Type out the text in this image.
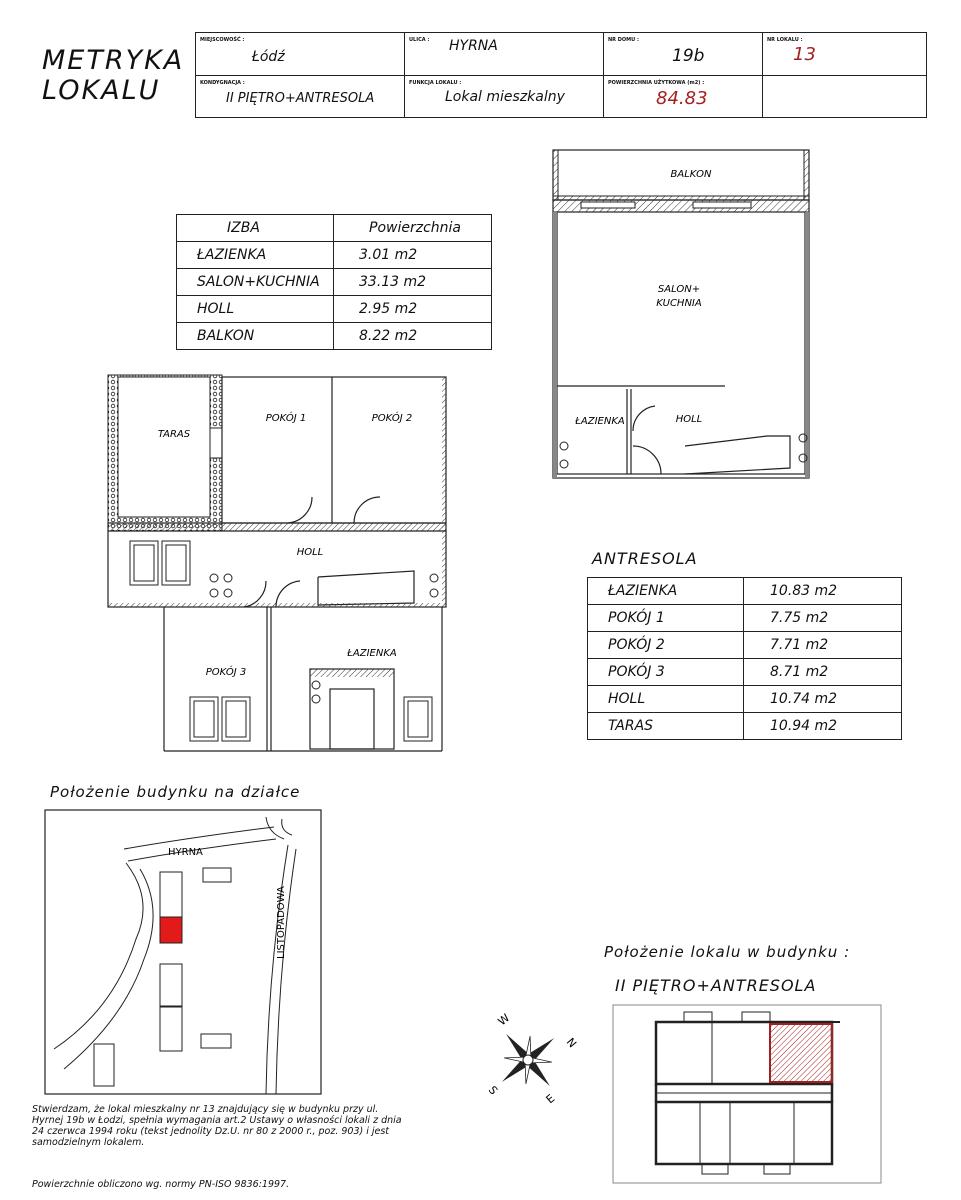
METRYKA
LOKALU
MIEJSCOWOŚĆ :
Łódź
ULICA : HYRNA	NR DOMU :
19b
NR LOKALU :
13
KONDYGNACJA :
II PIĘTRO+ANTRESOLA
FUNKCJA LOKALU :
Lokal mieszkalny
POWIERZCHNIA UŻYTKOWA (m2) :
84.83
IZBA	Powierzchnia
ŁAZIENKA	3.01 m2
SALON+KUCHNIA	33.13 m2
HOLL	2.95 m2
BALKON	8.22 m2
BALKON
SALON+
KUCHNIA
ŁAZIENKA	HOLL
TARAS
POKÓJ 1	POKÓJ 2
HOLL
POKÓJ 3
ŁAZIENKA
ANTRESOLA
ŁAZIENKA	10.83 m2
POKÓJ 1	7.75 m2
POKÓJ 2	7.71 m2
POKÓJ 3	8.71 m2
HOLL	10.74 m2
TARAS	10.94 m2
Położenie budynku na działce
HYRNA
LISTOPADOWA
W
N
S
E
Położenie lokalu w budynku :
II PIĘTRO+ANTRESOLA
Stwierdzam, że lokal mieszkalny nr 13 znajdujący się w budynku przy ul.
Hyrnej 19b w Łodzi, spełnia wymagania art.2 Ustawy o własności lokali z dnia
24 czerwca 1994 roku (tekst jednolity Dz.U. nr 80 z 2000 r., poz. 903) i jest
samodzielnym lokalem.
Powierzchnie obliczono wg. normy PN-ISO 9836:1997.
